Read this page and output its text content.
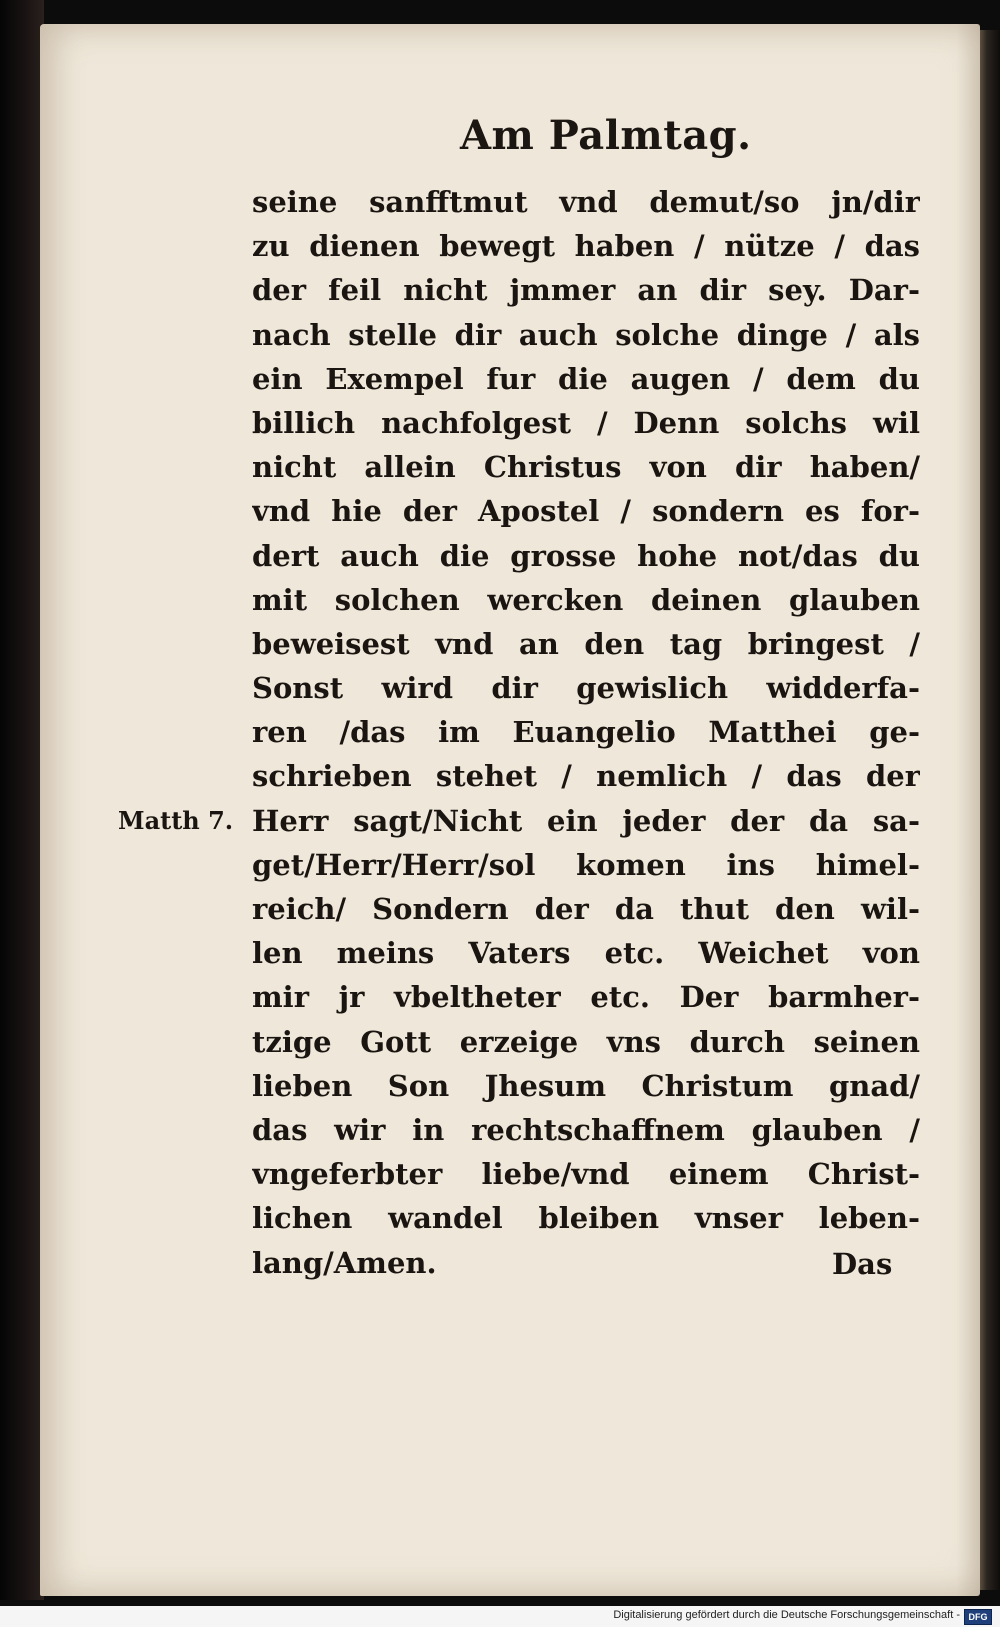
Am Palmtag.
seine sanfftmut vnd demut/so jn/dir
zu dienen bewegt haben / nütze / das
der feil nicht jmmer an dir sey. Dar-
nach stelle dir auch solche dinge / als
ein Exempel fur die augen / dem du
billich nachfolgest / Denn solchs wil
nicht allein Christus von dir haben/
vnd hie der Apostel / sondern es for-
dert auch die grosse hohe not/das du
mit solchen wercken deinen glauben
beweisest vnd an den tag bringest /
Sonst wird dir gewislich widderfa-
ren /das im Euangelio Matthei ge-
schrieben stehet / nemlich / das der
Herr sagt/Nicht ein jeder der da sa-
get/Herr/Herr/sol komen ins himel-
reich/ Sondern der da thut den wil-
len meins Vaters etc. Weichet von
mir jr vbeltheter etc. Der barmher-
tzige Gott erzeige vns durch seinen
lieben Son Jhesum Christum gnad/
das wir in rechtschaffnem glauben /
vngeferbter liebe/vnd einem Christ-
lichen wandel bleiben vnser leben-
lang/Amen.

Matth 7.

Das

Digitalisierung gefördert durch die Deutsche Forschungsgemeinschaft - DFG
